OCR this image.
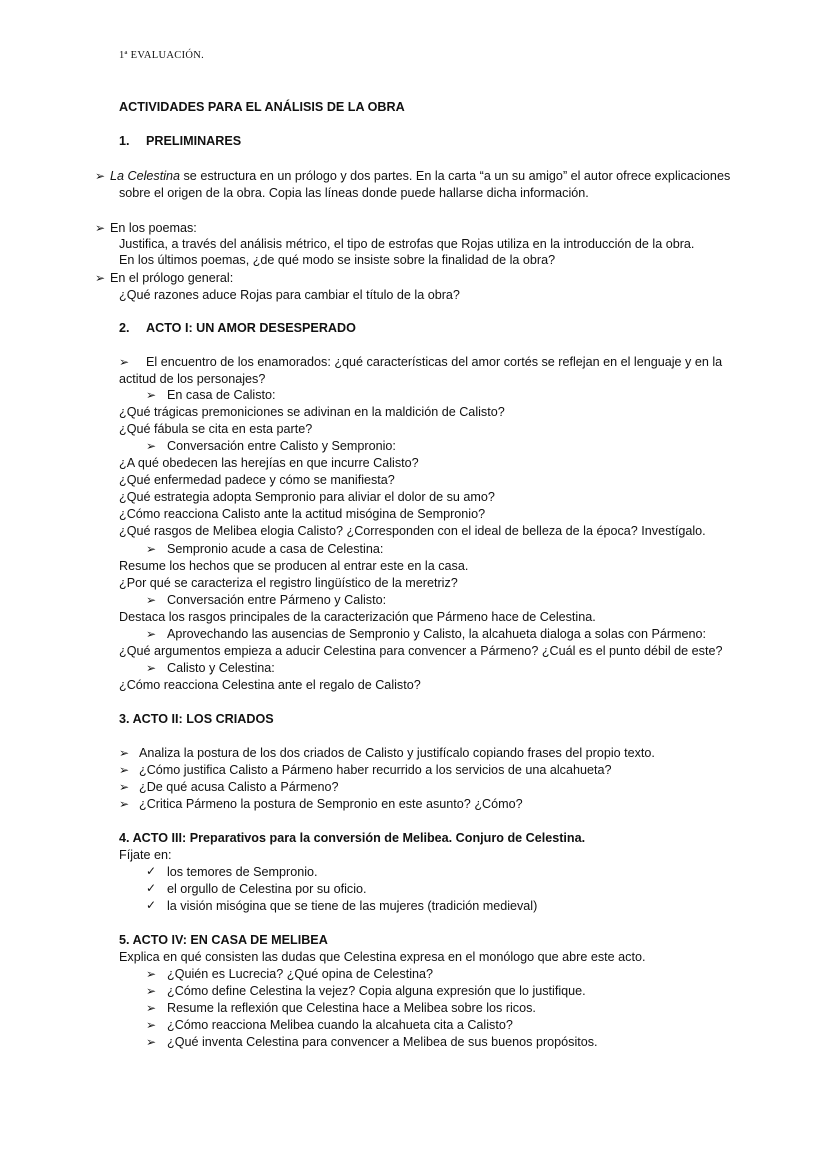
1ª EVALUACIÓN.
ACTIVIDADES PARA EL ANÁLISIS DE LA OBRA
1. PRELIMINARES
➢ La Celestina se estructura en un prólogo y dos partes. En la carta “a un su amigo” el autor ofrece explicaciones
sobre el origen de la obra. Copia las líneas donde puede hallarse dicha información.
➢ En los poemas:
Justifica, a través del análisis métrico, el tipo de estrofas que Rojas utiliza en la introducción de la obra.
En los últimos poemas, ¿de qué modo se insiste sobre la finalidad de la obra?
➢ En el prólogo general:
¿Qué razones aduce Rojas para cambiar el título de la obra?
2. ACTO I: UN AMOR DESESPERADO
➢ El encuentro de los enamorados: ¿qué características del amor cortés se reflejan en el lenguaje y en la
actitud de los personajes?
➢ En casa de Calisto:
¿Qué trágicas premoniciones se adivinan en la maldición de Calisto?
¿Qué fábula se cita en esta parte?
➢ Conversación entre Calisto y Sempronio:
¿A qué obedecen las herejías en que incurre Calisto?
¿Qué enfermedad padece y cómo se manifiesta?
¿Qué estrategia adopta Sempronio para aliviar el dolor de su amo?
¿Cómo reacciona Calisto ante la actitud misógina de Sempronio?
¿Qué rasgos de Melibea elogia Calisto? ¿Corresponden con el ideal de belleza de la época? Investígalo.
➢ Sempronio acude a casa de Celestina:
Resume los hechos que se producen al entrar este en la casa.
¿Por qué se caracteriza el registro lingüístico de la meretriz?
➢ Conversación entre Pármeno y Calisto:
Destaca los rasgos principales de la caracterización que Pármeno hace de Celestina.
➢ Aprovechando las ausencias de Sempronio y Calisto, la alcahueta dialoga a solas con Pármeno:
¿Qué argumentos empieza a aducir Celestina para convencer a Pármeno? ¿Cuál es el punto débil de este?
➢ Calisto y Celestina:
¿Cómo reacciona Celestina ante el regalo de Calisto?
3. ACTO II: LOS CRIADOS
➢ Analiza la postura de los dos criados de Calisto y justifícalo copiando frases del propio texto.
➢ ¿Cómo justifica Calisto a Pármeno haber recurrido a los servicios de una alcahueta?
➢ ¿De qué acusa Calisto a Pármeno?
➢ ¿Critica Pármeno la postura de Sempronio en este asunto? ¿Cómo?
4. ACTO III: Preparativos para la conversión de Melibea. Conjuro de Celestina.
Fíjate en:
✓ los temores de Sempronio.
✓ el orgullo de Celestina por su oficio.
✓ la visión misógina que se tiene de las mujeres (tradición medieval)
5. ACTO IV: EN CASA DE MELIBEA
Explica en qué consisten las dudas que Celestina expresa en el monólogo que abre este acto.
➢ ¿Quién es Lucrecia? ¿Qué opina de Celestina?
➢ ¿Cómo define Celestina la vejez? Copia alguna expresión que lo justifique.
➢ Resume la reflexión que Celestina hace a Melibea sobre los ricos.
➢ ¿Cómo reacciona Melibea cuando la alcahueta cita a Calisto?
➢ ¿Qué inventa Celestina para convencer a Melibea de sus buenos propósitos.
